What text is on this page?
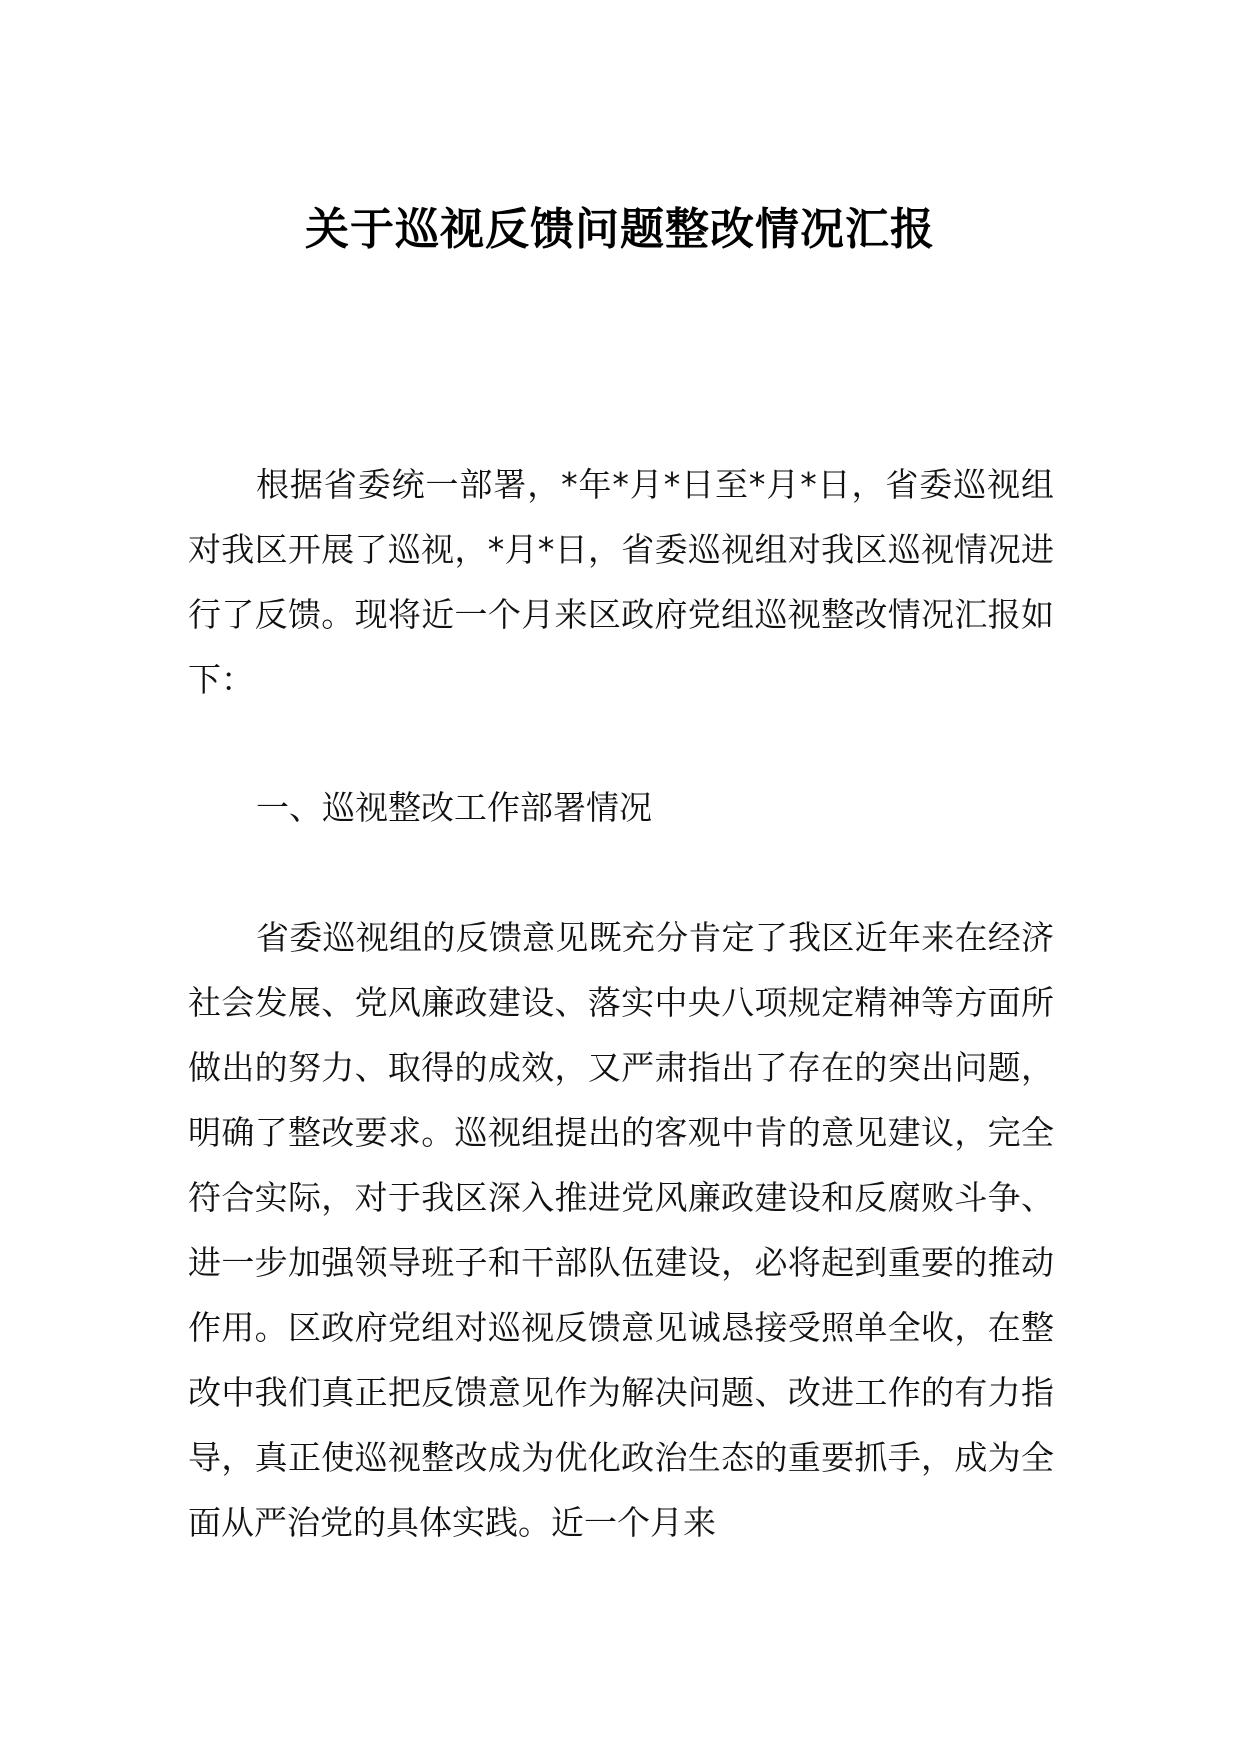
关于巡视反馈问题整改情况汇报

根据省委统一部署，*年*月*日至*月*日，省委巡视组对我区开展了巡视，*月*日，省委巡视组对我区巡视情况进行了反馈。现将近一个月来区政府党组巡视整改情况汇报如下：

一、巡视整改工作部署情况

省委巡视组的反馈意见既充分肯定了我区近年来在经济社会发展、党风廉政建设、落实中央八项规定精神等方面所做出的努力、取得的成效，又严肃指出了存在的突出问题，明确了整改要求。巡视组提出的客观中肯的意见建议，完全符合实际，对于我区深入推进党风廉政建设和反腐败斗争、进一步加强领导班子和干部队伍建设，必将起到重要的推动作用。区政府党组对巡视反馈意见诚恳接受照单全收，在整改中我们真正把反馈意见作为解决问题、改进工作的有力指导，真正使巡视整改成为优化政治生态的重要抓手，成为全面从严治党的具体实践。近一个月来
